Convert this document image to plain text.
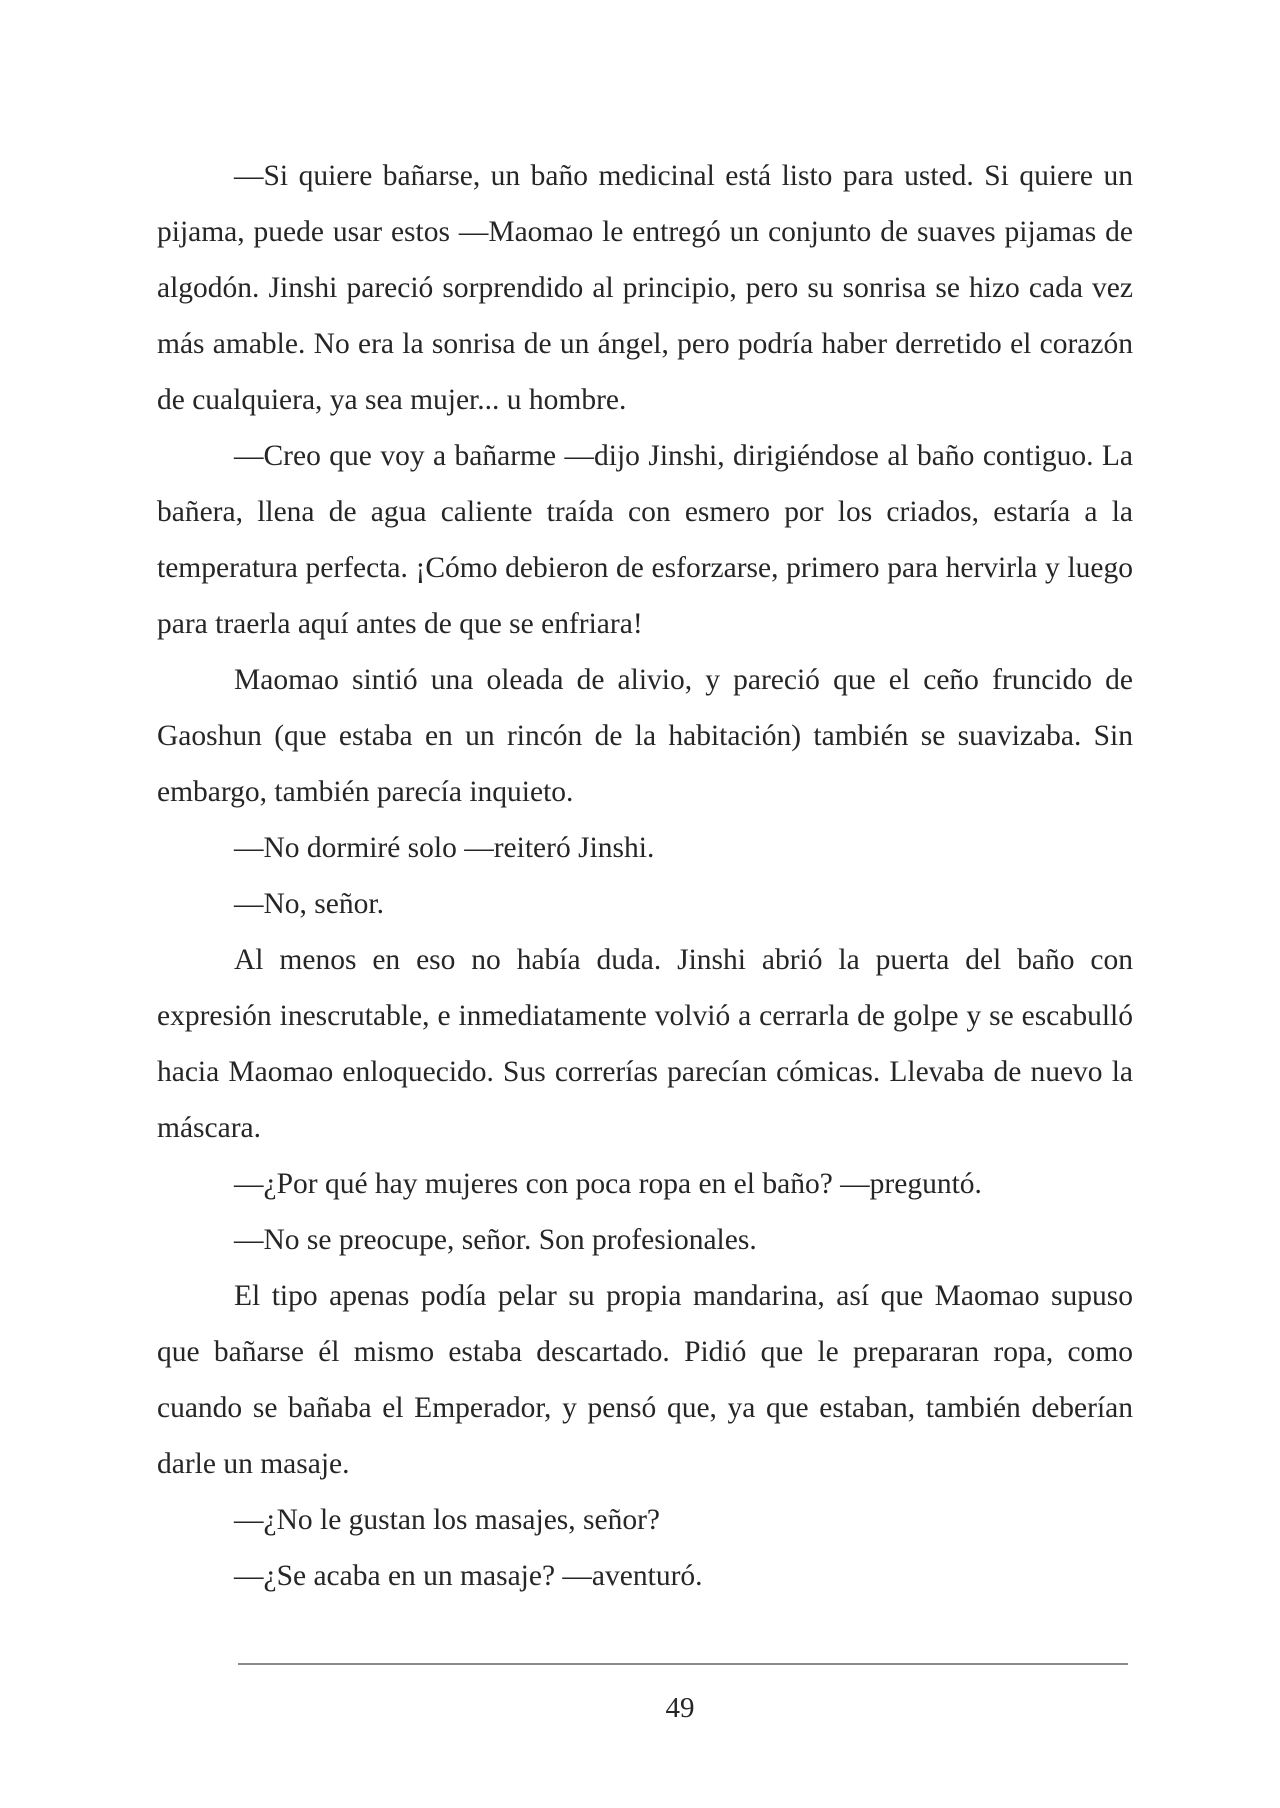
—Si quiere bañarse, un baño medicinal está listo para usted. Si quiere un pijama, puede usar estos —Maomao le entregó un conjunto de suaves pijamas de algodón. Jinshi pareció sorprendido al principio, pero su sonrisa se hizo cada vez más amable. No era la sonrisa de un ángel, pero podría haber derretido el corazón de cualquiera, ya sea mujer... u hombre.

—Creo que voy a bañarme —dijo Jinshi, dirigiéndose al baño contiguo. La bañera, llena de agua caliente traída con esmero por los criados, estaría a la temperatura perfecta. ¡Cómo debieron de esforzarse, primero para hervirla y luego para traerla aquí antes de que se enfriara!

Maomao sintió una oleada de alivio, y pareció que el ceño fruncido de Gaoshun (que estaba en un rincón de la habitación) también se suavizaba. Sin embargo, también parecía inquieto.

—No dormiré solo —reiteró Jinshi.

—No, señor.

Al menos en eso no había duda. Jinshi abrió la puerta del baño con expresión inescrutable, e inmediatamente volvió a cerrarla de golpe y se escabulló hacia Maomao enloquecido. Sus correrías parecían cómicas. Llevaba de nuevo la máscara.

—¿Por qué hay mujeres con poca ropa en el baño? —preguntó.

—No se preocupe, señor. Son profesionales.

El tipo apenas podía pelar su propia mandarina, así que Maomao supuso que bañarse él mismo estaba descartado. Pidió que le prepararan ropa, como cuando se bañaba el Emperador, y pensó que, ya que estaban, también deberían darle un masaje.

—¿No le gustan los masajes, señor?

—¿Se acaba en un masaje? —aventuró.

49
